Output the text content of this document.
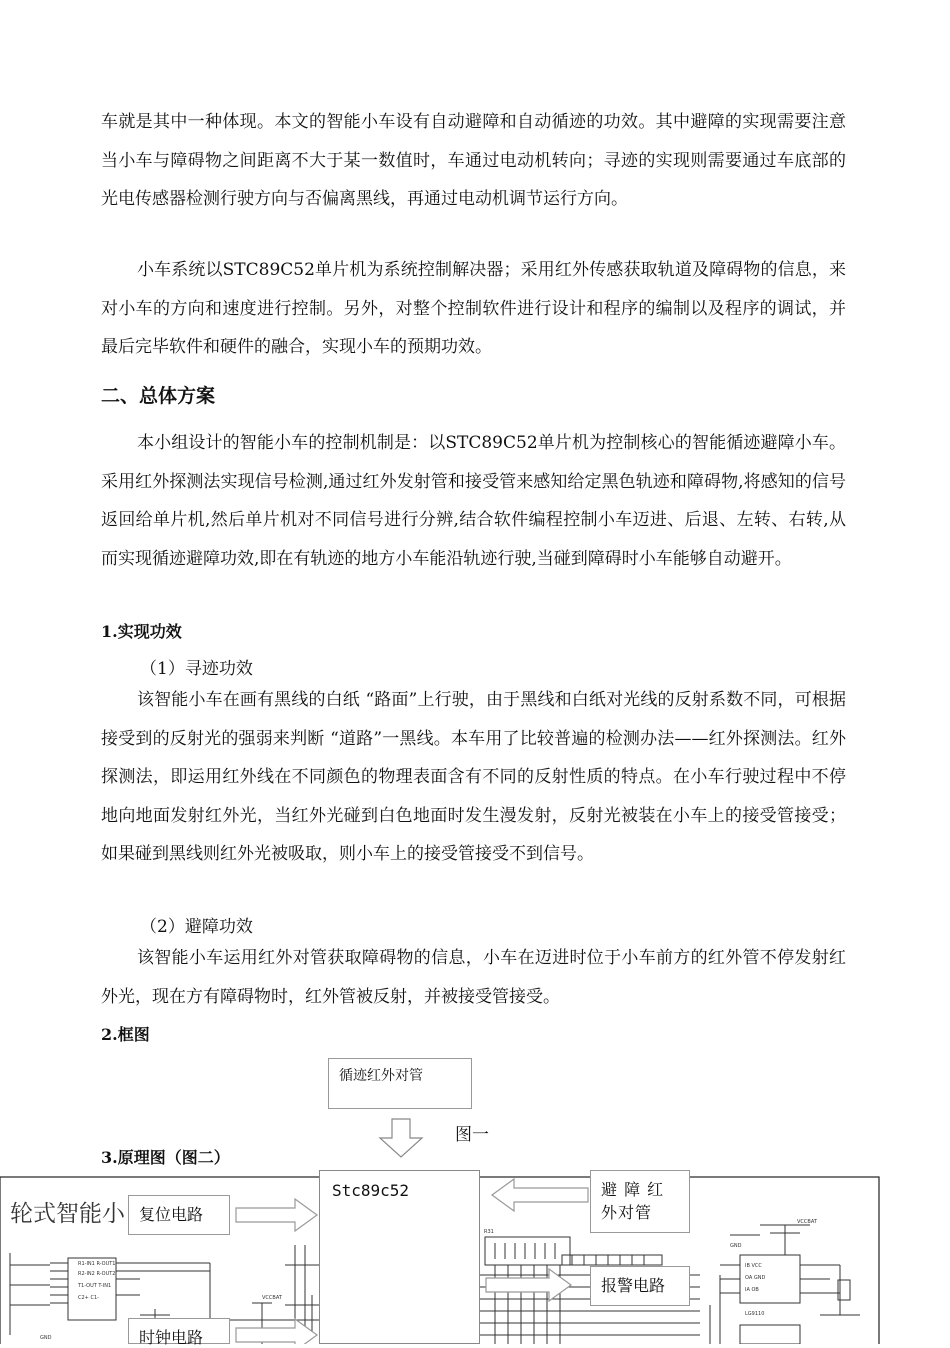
车就是其中一种体现。本文的智能小车设有自动避障和自动循迹的功效。其中避障的实现需要注意当小车与障碍物之间距离不大于某一数值时，车通过电动机转向；寻迹的实现则需要通过车底部的光电传感器检测行驶方向与否偏离黑线，再通过电动机调节运行方向。

小车系统以STC89C52单片机为系统控制解决器；采用红外传感获取轨道及障碍物的信息，来对小车的方向和速度进行控制。另外，对整个控制软件进行设计和程序的编制以及程序的调试，并最后完毕软件和硬件的融合，实现小车的预期功效。

二、总体方案

本小组设计的智能小车的控制机制是：以STC89C52单片机为控制核心的智能循迹避障小车。采用红外探测法实现信号检测,通过红外发射管和接受管来感知给定黑色轨迹和障碍物,将感知的信号返回给单片机,然后单片机对不同信号进行分辨,结合软件编程控制小车迈进、后退、左转、右转,从而实现循迹避障功效,即在有轨迹的地方小车能沿轨迹行驶,当碰到障碍时小车能够自动避开。

1.实现功效

（1）寻迹功效

该智能小车在画有黑线的白纸 “路面”上行驶，由于黑线和白纸对光线的反射系数不同，可根据接受到的反射光的强弱来判断 “道路”一黑线。本车用了比较普遍的检测办法——红外探测法。红外探测法，即运用红外线在不同颜色的物理表面含有不同的反射性质的特点。在小车行驶过程中不停地向地面发射红外光，当红外光碰到白色地面时发生漫发射，反射光被装在小车上的接受管接受；如果碰到黑线则红外光被吸取，则小车上的接受管接受不到信号。

（2）避障功效

该智能小车运用红外对管获取障碍物的信息，小车在迈进时位于小车前方的红外管不停发射红外光，现在方有障碍物时，红外管被反射，并被接受管接受。

2.框图
循迹红外对管
图一
3.原理图（图二）
VCCBAT
GND
LG9110
VCCBAT
GND
R31
IB VCC
OA GND
IA OB
R1-IN1 R-OUT1
R2-IN2 R-OUT2
T1-OUT T-IN1
C2+ C1-
轮式智能小
Stc89c52
复位电路
避 障 红 外对管
报警电路
时钟电路
